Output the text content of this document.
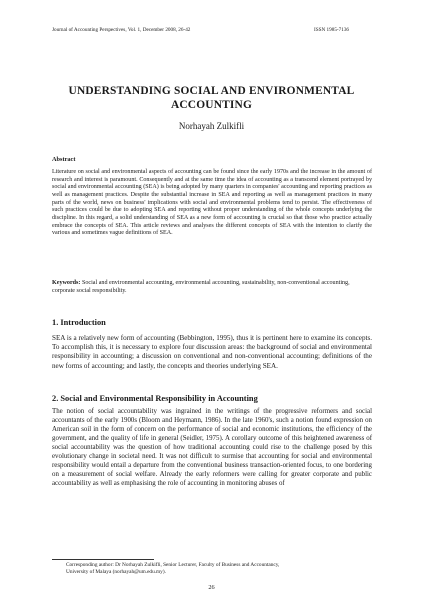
Journal of Accounting Perspectives, Vol. 1, December 2008, 26-42	ISSN 1985-7136
UNDERSTANDING SOCIAL AND ENVIRONMENTAL
ACCOUNTING
Norhayah Zulkifli
Abstract
Literature on social and environmental aspects of accounting can be found since the early 1970s and the increase in the amount of research and interest is paramount. Consequently and at the same time the idea of accounting as a transcend element portrayed by social and environmental accounting (SEA) is being adopted by many quarters in companies' accounting and reporting practices as well as management practices. Despite the substantial increase in SEA and reporting as well as management practices in many parts of the world, news on business' implications with social and environmental problems tend to persist. The effectiveness of such practices could be due to adopting SEA and reporting without proper understanding of the whole concepts underlying the discipline. In this regard, a solid understanding of SEA as a new form of accounting is crucial so that those who practice actually embrace the concepts of SEA. This article reviews and analyses the different concepts of SEA with the intention to clarify the various and sometimes vague definitions of SEA.
Keywords: Social and environmental accounting, environmental accounting, sustainability, non-conventional accounting, corporate social responsibility.
1. Introduction
SEA is a relatively new form of accounting (Bebbington, 1995), thus it is pertinent here to examine its concepts. To accomplish this, it is necessary to explore four discussion areas: the background of social and environmental responsibility in accounting; a discussion on conventional and non-conventional accounting; definitions of the new forms of accounting; and lastly, the concepts and theories underlying SEA.
2. Social and Environmental Responsibility in Accounting
The notion of social accountability was ingrained in the writings of the progressive reformers and social accountants of the early 1900s (Bloom and Heymann, 1986). In the late 1960's, such a notion found expression on American soil in the form of concern on the performance of social and economic institutions, the efficiency of the government, and the quality of life in general (Seidler, 1975). A corollary outcome of this heightened awareness of social accountability was the question of how traditional accounting could rise to the challenge posed by this evolutionary change in societal need. It was not difficult to surmise that accounting for social and environmental responsibility would entail a departure from the conventional business transaction-oriented focus, to one bordering on a measurement of social welfare. Already the early reformers were calling for greater corporate and public accountability as well as emphasising the role of accounting in monitoring abuses of
Corresponding author: Dr Norhayah Zulkifli, Senior Lecturer, Faculty of Business and Accountancy,
University of Malaya (norhayah@um.edu.my).
26
